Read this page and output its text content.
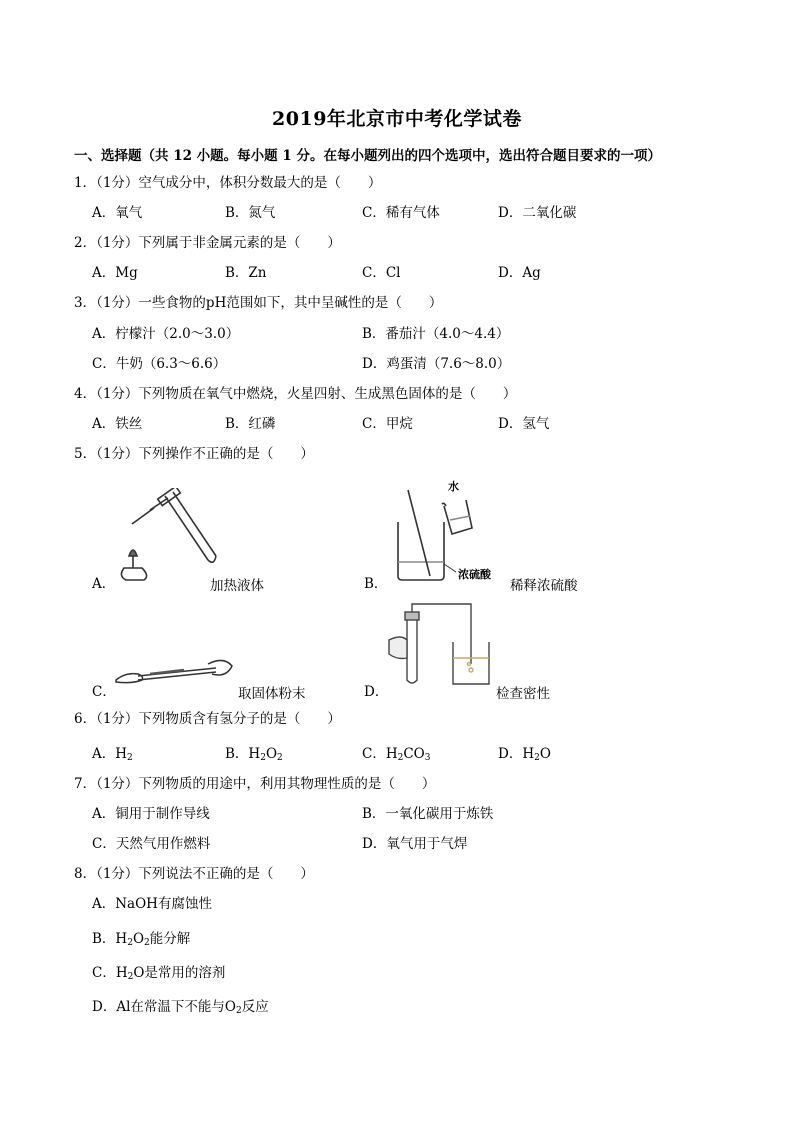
2019年北京市中考化学试卷
一、选择题（共 12 小题。每小题 1 分。在每小题列出的四个选项中，选出符合题目要求的一项）
1．（1分）空气成分中，体积分数最大的是（　　）
A．氧气	B．氮气	C．稀有气体	D．二氧化碳
2．（1分）下列属于非金属元素的是（　　）
A．Mg	B．Zn	C．Cl	D．Ag
3．（1分）一些食物的pH范围如下，其中呈碱性的是（　　）
A．柠檬汁（2.0～3.0）	B．番茄汁（4.0～4.4）
C．牛奶（6.3～6.6）	D．鸡蛋清（7.6～8.0）
4．（1分）下列物质在氧气中燃烧，火星四射、生成黑色固体的是（　　）
A．铁丝	B．红磷	C．甲烷	D．氢气
5．（1分）下列操作不正确的是（　　）
A．	加热液体
水
浓硫酸
B．	稀释浓硫酸
C．	取固体粉末	D．	检查密性
6．（1分）下列物质含有氢分子的是（　　）
A．$H_2$	B．$H_2O_2$	C．$H_2CO_3$	D．$H_2O$
7．（1分）下列物质的用途中，利用其物理性质的是（　　）
A．铜用于制作导线	B．一氧化碳用于炼铁
C．天然气用作燃料	D．氧气用于气焊
8．（1分）下列说法不正确的是（　　）
A．NaOH有腐蚀性
B．$H_2O_2$能分解
C．$H_2O$是常用的溶剂
D．Al在常温下不能与$O_2$反应
